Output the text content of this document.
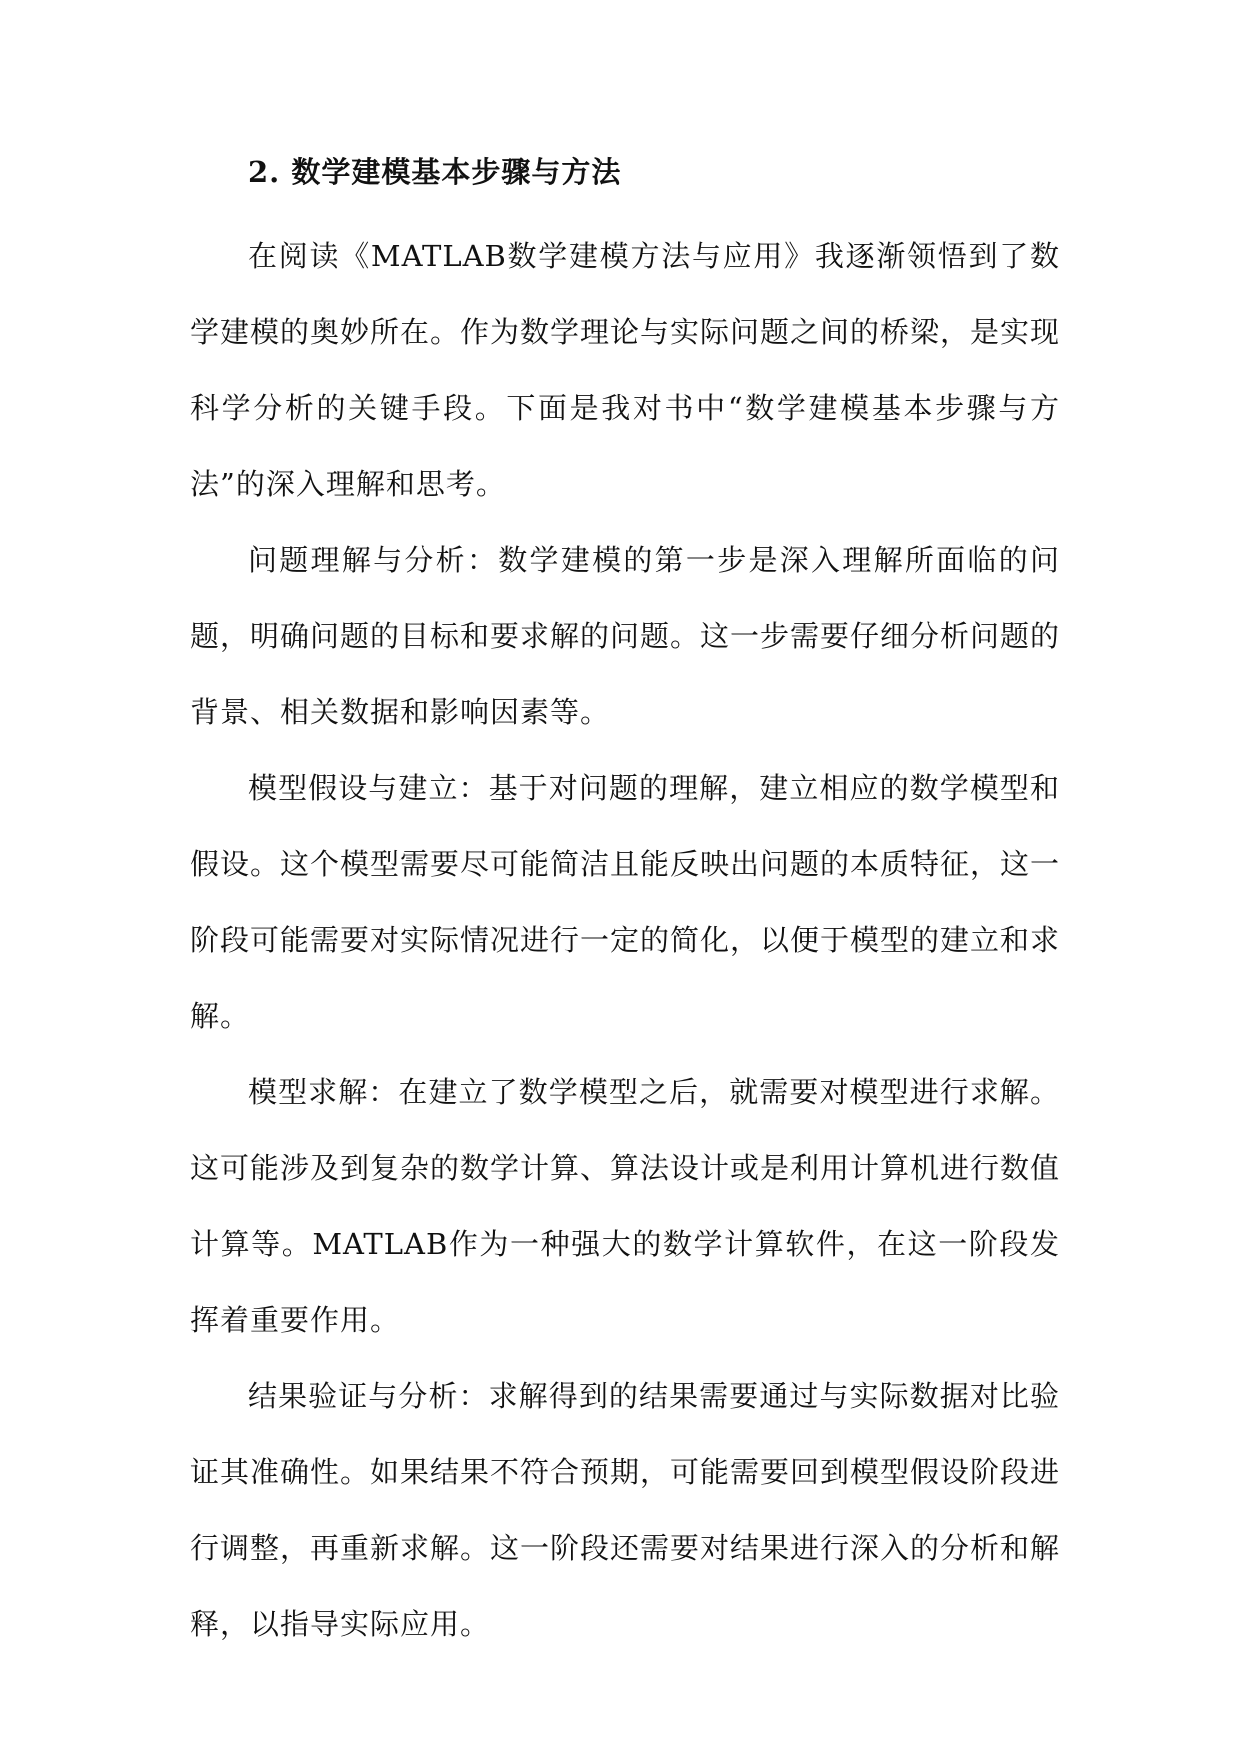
2. 数学建模基本步骤与方法

在阅读《MATLAB数学建模方法与应用》我逐渐领悟到了数学建模的奥妙所在。作为数学理论与实际问题之间的桥梁，是实现科学分析的关键手段。下面是我对书中“数学建模基本步骤与方法”的深入理解和思考。

问题理解与分析：数学建模的第一步是深入理解所面临的问题，明确问题的目标和要求解的问题。这一步需要仔细分析问题的背景、相关数据和影响因素等。

模型假设与建立：基于对问题的理解，建立相应的数学模型和假设。这个模型需要尽可能简洁且能反映出问题的本质特征，这一阶段可能需要对实际情况进行一定的简化，以便于模型的建立和求解。

模型求解：在建立了数学模型之后，就需要对模型进行求解。这可能涉及到复杂的数学计算、算法设计或是利用计算机进行数值计算等。MATLAB作为一种强大的数学计算软件，在这一阶段发挥着重要作用。

结果验证与分析：求解得到的结果需要通过与实际数据对比验证其准确性。如果结果不符合预期，可能需要回到模型假设阶段进行调整，再重新求解。这一阶段还需要对结果进行深入的分析和解释，以指导实际应用。
